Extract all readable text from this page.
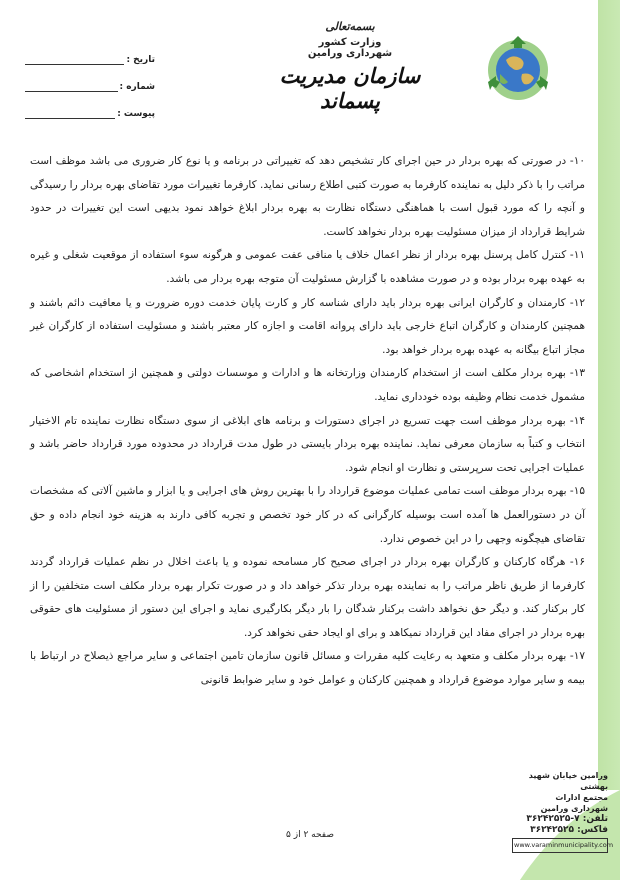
تاریخ :
شماره :
پیوست :
بسمه‌تعالی
وزارت کشور
شهرداری ورامین
سازمان مدیریت پسماند

۱۰- در صورتی که بهره بردار در حین اجرای کار تشخیص دهد که تغییراتی در برنامه و یا نوع کار ضروری می باشد موظف است مراتب را با ذکر دلیل به نماینده کارفرما به صورت کتبی اطلاع رسانی نماید. کارفرما تغییرات مورد تقاضای بهره بردار را رسیدگی و آنچه را که مورد قبول است با هماهنگی دستگاه نظارت به بهره بردار ابلاغ خواهد نمود بدیهی است این تغییرات در حدود شرایط قرارداد از میزان مسئولیت بهره بردار نخواهد کاست.

۱۱- کنترل کامل پرسنل بهره بردار از نظر اعمال خلاف یا منافی عفت عمومی و هرگونه سوء استفاده از موقعیت شغلی و غیره به عهده بهره بردار بوده و در صورت مشاهده با گزارش مسئولیت آن متوجه بهره بردار می باشد.

۱۲- کارمندان و کارگران ایرانی بهره بردار باید دارای شناسه کار و کارت پایان خدمت دوره ضرورت و یا معافیت دائم باشند و همچنین کارمندان و کارگران اتباع خارجی باید دارای پروانه اقامت و اجازه کار معتبر باشند و مسئولیت استفاده از کارگران غیر مجاز اتباع بیگانه به عهده بهره بردار خواهد بود.

۱۳- بهره بردار مکلف است از استخدام کارمندان وزارتخانه ها و ادارات و موسسات دولتی و همچنین از استخدام اشخاصی که مشمول خدمت نظام وظیفه بوده خودداری نماید.

۱۴- بهره بردار موظف است جهت تسریع در اجرای دستورات و برنامه های ابلاغی از سوی دستگاه نظارت نماینده تام الاختیار انتخاب و کتباً به سازمان معرفی نماید. نماینده بهره بردار بایستی در طول مدت قرارداد در محدوده مورد قرارداد حاضر باشد و عملیات اجرایی تحت سرپرستی و نظارت او انجام شود.

۱۵- بهره بردار موظف است تمامی عملیات موضوع قرارداد را با بهترین روش های اجرایی و یا ابزار و ماشین آلاتی که مشخصات آن در دستورالعمل ها آمده است بوسیله کارگرانی که در کار خود تخصص و تجربه کافی دارند به هزینه خود انجام داده و حق تقاضای هیچگونه وجهی را در این خصوص ندارد.

۱۶- هرگاه کارکنان و کارگران بهره بردار در اجرای صحیح کار مسامحه نموده و یا باعث اخلال در نظم عملیات قرارداد گردند کارفرما از طریق ناظر مراتب را به نماینده بهره بردار تذکر خواهد داد و در صورت تکرار بهره بردار مکلف است متخلفین را از کار برکنار کند. و دیگر حق نخواهد داشت برکنار شدگان را بار دیگر بکارگیری نماید و اجرای این دستور از مسئولیت های حقوقی بهره بردار در اجرای مفاد این قرارداد نمیکاهد و برای او ایجاد حقی نخواهد کرد.

۱۷- بهره بردار مکلف و متعهد به رعایت کلیه مقررات و مسائل قانون سازمان تامین اجتماعی و سایر مراجع ذیصلاح در ارتباط با بیمه و سایر موارد موضوع قرارداد و همچنین کارکنان و عوامل خود و سایر ضوابط قانونی

ورامین خیابان شهید بهشتی
مجتمع ادارات
شهرداری ورامین
تلفن: ۷-۳۶۲۴۲۵۲۵
فاکس: ۳۶۲۴۲۵۲۵
www.varaminmunicipality.com
صفحه ۲ از ۵
